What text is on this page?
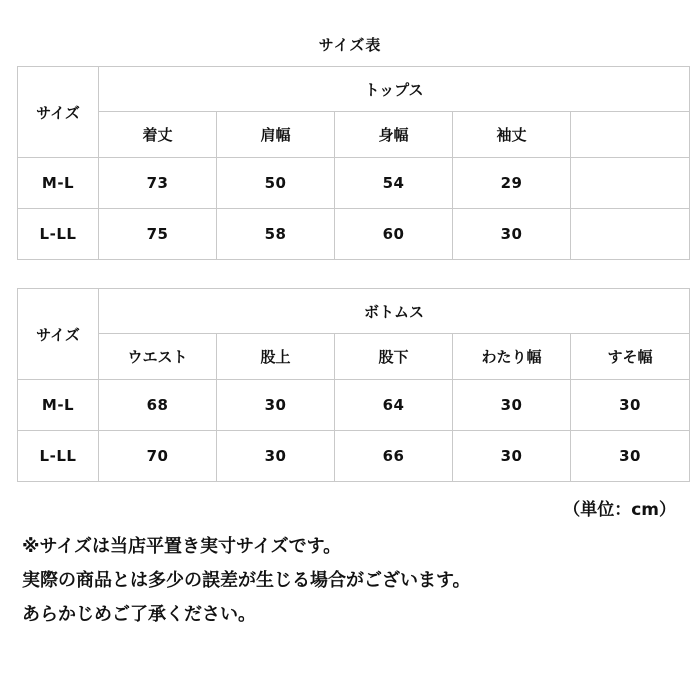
サイズ表
サイズ	トップス				
	着丈	肩幅	身幅	袖丈	
M-L	73	50	54	29	
L-LL	75	58	60	30	
サイズ	ボトムス				
	ウエスト	股上	股下	わたり幅	すそ幅
M-L	68	30	64	30	30
L-LL	70	30	66	30	30
（単位：cm）

※サイズは当店平置き実寸サイズです。

実際の商品とは多少の誤差が生じる場合がございます。

あらかじめご了承ください。
